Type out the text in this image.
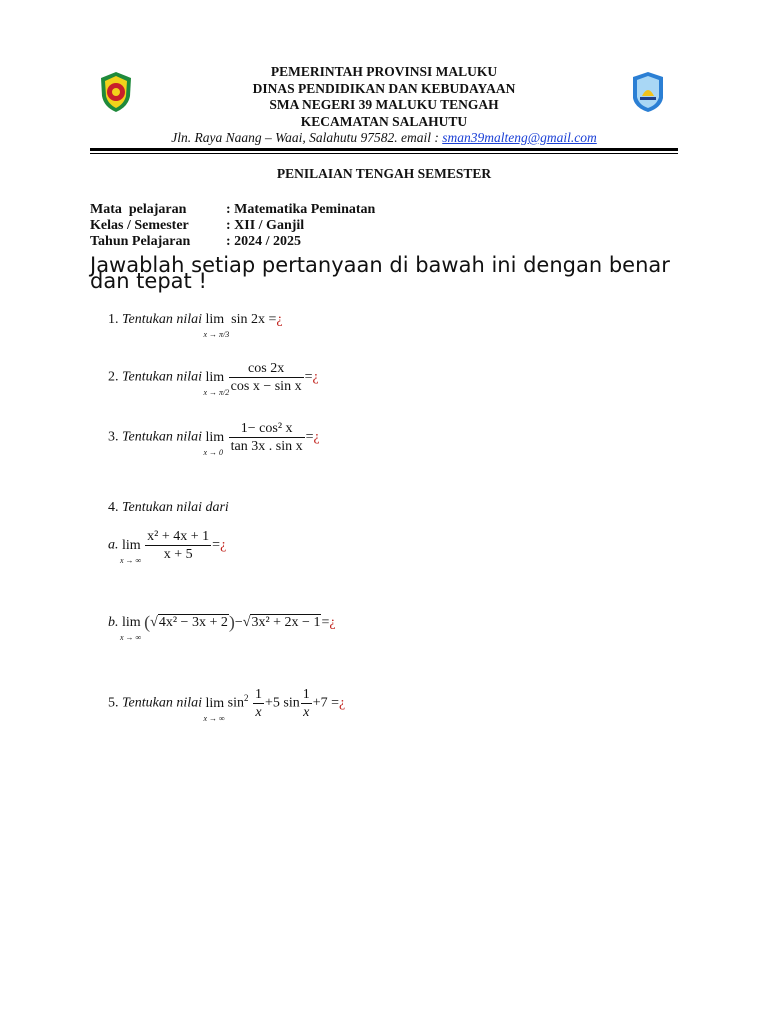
PEMERINTAH PROVINSI MALUKU
DINAS PENDIDIKAN DAN KEBUDAYAAN
SMA NEGERI 39 MALUKU TENGAH
KECAMATAN SALAHUTU
Jln. Raya Naang – Waai, Salahutu 97582. email : sman39malteng@gmail.com
PENILAIAN TENGAH SEMESTER
Mata  pelajaran	: Matematika Peminatan
Kelas / Semester	: XII / Ganjil
Tahun Pelajaran	: 2024 / 2025
Jawablah setiap pertanyaan di bawah ini dengan benar dan tepat !
1. Tentukan nilai lim
x → π/3
sin 2x =¿
2. Tentukan nilai lim
x → π/2
$\frac{\cos 2x}{\text{cos x − sin x}}$ =¿
3. Tentukan nilai lim
x → 0
$\frac{\text{1− cos² x}}{\text{tan 3x . sin x}}$ =¿
4. Tentukan nilai dari
a. lim
x → ∞
$\frac{\text{x² + 4x + 1}}{x + 5}$ =¿
b. lim
x → ∞
(√4x² − 3x + 2)−√3x² + 2x − 1=¿
5. Tentukan nilai lim
x → ∞
$\sin^2 \frac{1}{x} +5$ $\sin \frac{1}{x} +7$ =¿
